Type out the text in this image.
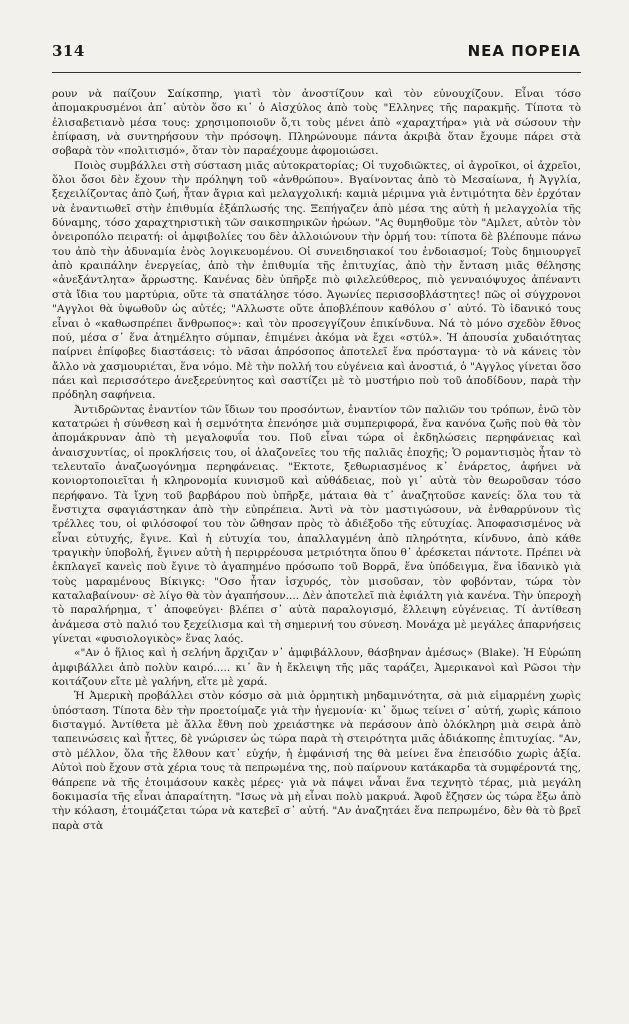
314	ΝΕΑ ΠΟΡΕΙΑ

ρουν νὰ παίζουν Σαίκσπηρ, γιατὶ τὸν ἀνοστίζουν καὶ τὸν εὐνουχίζουν. Εἶναι τόσο ἀπομακρυσμένοι ἀπ᾿ αὐτὸν ὅσο κι᾿ ὁ Αἰσχύλος ἀπὸ τοὺς "Ελληνες τῆς παρακμῆς. Τίποτα τὸ ἐλισαβετιανὸ μέσα τους: χρησιμοποιοῦν ὅ,τι τοὺς μένει ἀπὸ «χαραχτήρα» γιὰ νὰ σώσουν τὴν ἐπίφαση, νὰ συντηρήσουν τὴν πρόσοψη. Πληρώνουμε πάντα ἀκριβὰ ὅταν ἔχουμε πάρει στὰ σοβαρὰ τὸν «πολιτισμό», ὅταν τὸν παραέχουμε ἀφομοιώσει.

Ποιὸς συμβάλλει στὴ σύσταση μιᾶς αὐτοκρατορίας; Οἱ τυχοδιῶκτες, οἱ ἀγροῖκοι, οἱ ἀχρεῖοι, ὅλοι ὅσοι δὲν ἔχουν τὴν πρόληψη τοῦ «ἀνθρώπου». Βγαίνοντας ἀπὸ τὸ Μεσαίωνα, ἡ Ἀγγλία, ξεχειλίζοντας ἀπὸ ζωή, ἦταν ἄγρια καὶ μελαγχολική: καμιὰ μέριμνα γιὰ ἐντιμότητα δὲν ἐρχόταν νὰ ἐναντιωθεῖ στὴν ἐπιθυμία ἐξάπλωσής της. Ξεπήγαζεν ἀπὸ μέσα της αὐτὴ ἡ μελαγχολία τῆς δύναμης, τόσο χαραχτηριστικὴ τῶν σαικσπηρικῶν ἡρώων. "Ας θυμηθοῦμε τὸν "Αμλετ, αὐτὸν τὸν ὀνειροπόλο πειρατή: οἱ ἀμφιβολίες του δὲν ἀλλοιώνουν τὴν ὁρμή του: τίποτα δὲ βλέπουμε πάνω του ἀπὸ τὴν ἀδυναμία ἑνὸς λογικευομένου. Οἱ συνειδησιακοί του ἐνδοιασμοί; Τοὺς δημιουργεῖ ἀπὸ κραιπάλην ἐνεργείας, ἀπὸ τὴν ἐπιθυμία τῆς ἐπιτυχίας, ἀπὸ τὴν ἔνταση μιᾶς θέλησης «ἀνεξάντλητα» ἄρρωστης. Κανένας δὲν ὑπῆρξε πιὸ φιλελεύθερος, πιὸ γενναιόψυχος ἀπέναντι στὰ ἴδια του μαρτύρια, οὔτε τὰ σπατάλησε τόσο. Ἀγωνίες περισσοβλάστητες! πῶς οἱ σύγχρονοι "Αγγλοι θὰ ὑψωθοῦν ὡς αὐτές; "Αλλωστε οὔτε ἀποβλέπουν καθόλου σ᾿ αὐτό. Τὸ ἰδανικό τους εἶναι ὁ «καθωσπρέπει ἄνθρωπος»: καὶ τὸν προσεγγίζουν ἐπικίνδυνα. Νά τὸ μόνο σχεδὸν ἔθνος πού, μέσα σ᾿ ἕνα ἀτημέλητο σύμπαν, ἐπιμένει ἀκόμα νὰ ἔχει «στύλ». Ἡ ἀπουσία χυδαιότητας παίρνει ἐπίφοβες διαστάσεις: τὸ νᾶσαι ἀπρόσοπος ἀποτελεῖ ἕνα πρόσταγμα· τὸ νὰ κάνεις τὸν ἄλλο νὰ χασμουριέται, ἕνα νόμο. Μὲ τὴν πολλή του εὐγένεια καὶ ἀνοστιά, ὁ "Αγγλος γίνεται ὅσο πάει καὶ περισσότερο ἀνεξερεύνητος καὶ σαστίζει μὲ τὸ μυστήριο ποὺ τοῦ ἀποδίδουν, παρὰ τὴν πρόδηλη σαφήνεια.

Ἀντιδρῶντας ἐναντίον τῶν ἴδιων του προσόντων, ἐναντίον τῶν παλιῶν του τρόπων, ἐνῶ τὸν κατατρώει ἡ σύνθεση καὶ ἡ σεμνότητα ἐπενόησε μιὰ συμπεριφορά, ἕνα κανόνα ζωῆς ποὺ θὰ τὸν ἀπομάκρυναν ἀπὸ τὴ μεγαλοφυΐα του. Ποῦ εἶναι τώρα οἱ ἐκδηλώσεις περηφάνειας καὶ ἀναισχυντίας, οἱ προκλήσεις του, οἱ ἀλαζονεῖες του τῆς παλιᾶς ἐποχῆς; Ὁ ρομαντισμὸς ἦταν τὸ τελευταῖο ἀναζωογόνημα περηφάνειας. "Εκτοτε, ξεθωριασμένος κ᾿ ἐνάρετος, ἀφήνει νὰ κονιορτοποιεῖται ἡ κληρονομία κυνισμοῦ καὶ αὐθάδειας, ποὺ γι᾿ αὐτὰ τὸν θεωροῦσαν τόσο περήφανο. Τὰ ἴχνη τοῦ βαρβάρου ποὺ ὑπῆρξε, μάταια θὰ τ᾿ ἀναζητοῦσε κανείς: ὅλα του τὰ ἔνστιχτα σφαγιάστηκαν ἀπὸ τὴν εὐπρέπεια. Ἀντὶ νὰ τὸν μαστιγώσουν, νὰ ἐνθαρρύνουν τὶς τρέλλες του, οἱ φιλόσοφοί του τὸν ὤθησαν πρὸς τὸ ἀδιέξοδο τῆς εὐτυχίας. Ἀποφασισμένος νὰ εἶναι εὐτυχής, ἔγινε. Καὶ ἡ εὐτυχία του, ἀπαλλαγμένη ἀπὸ πληρότητα, κίνδυνο, ἀπὸ κάθε τραγικὴν ὑποβολή, ἔγινεν αὐτὴ ἡ περιρρέουσα μετριότητα ὅπου θ᾿ ἀρέσκεται πάντοτε. Πρέπει νὰ ἐκπλαγεῖ κανεὶς ποὺ ἔγινε τὸ ἀγαπημένο πρόσωπο τοῦ Βορρᾶ, ἕνα ὑπόδειγμα, ἕνα ἰδανικὸ γιὰ τοὺς μαραμένους Βίκιγκς: "Οσο ἦταν ἰσχυρός, τὸν μισοῦσαν, τὸν φοβόνταν, τώρα τὸν καταλαβαίνουν· σὲ λίγο θὰ τὸν ἀγαπήσουν.... Δὲν ἀποτελεῖ πιὰ ἐφιάλτη γιὰ κανένα. Τὴν ὑπεροχὴ τὸ παραλήρημα, τ᾿ ἀποφεύγει· βλέπει σ᾿ αὐτὰ παραλογισμό, ἔλλειψη εὐγένειας. Τί ἀντίθεση ἀνάμεσα στὸ παλιό του ξεχείλισμα καὶ τὴ σημερινή του σύνεση. Μονάχα μὲ μεγάλες ἀπαρνήσεις γίνεται «φυσιολογικὸς» ἕνας λαός.

«"Αν ὁ ἥλιος καὶ ἡ σελήνη ἄρχιζαν ν᾿ ἀμφιβάλλουν, θάσβηναν ἀμέσως» (Blake). Ἡ Εὐρώπη ἀμφιβάλλει ἀπὸ πολὺν καιρό..... κι᾿ ἂν ἡ ἔκλειψη τῆς μᾶς ταράζει, Ἀμερικανοὶ καὶ Ρῶσοι τὴν κοιτάζουν εἴτε μὲ γαλήνη, εἴτε μὲ χαρά.

Ἡ Ἀμερικὴ προβάλλει στὸν κόσμο σὰ μιὰ ὁρμητικὴ μηδαμινότητα, σὰ μιὰ εἱμαρμένη χωρὶς ὑπόσταση. Τίποτα δὲν τὴν προετοίμαζε γιὰ τὴν ἡγεμονία· κι᾿ ὅμως τείνει σ᾿ αὐτή, χωρὶς κάποιο δισταγμό. Ἀντίθετα μὲ ἄλλα ἔθνη ποὺ χρειάστηκε νὰ περάσουν ἀπὸ ὁλόκληρη μιὰ σειρὰ ἀπὸ ταπεινώσεις καὶ ἧττες, δὲ γνώρισεν ὡς τώρα παρὰ τὴ στειρότητα μιᾶς ἀδιάκοπης ἐπιτυχίας. "Αν, στὸ μέλλον, ὅλα τῆς ἔλθουν κατ᾿ εὐχήν, ἡ ἐμφάνισή της θὰ μείνει ἕνα ἐπεισόδιο χωρὶς ἀξία. Αὐτοὶ ποὺ ἔχουν στὰ χέρια τους τὰ πεπρωμένα της, ποὺ παίρνουν κατάκαρδα τὰ συμφέροντά της, θάπρεπε νὰ τῆς ἑτοιμάσουν κακὲς μέρες· γιὰ νὰ πάψει νἆναι ἕνα τεχνητὸ τέρας, μιὰ μεγάλη δοκιμασία τῆς εἶναι ἀπαραίτητη. "Ισως νὰ μὴ εἶναι πολὺ μακρυά. Ἀφοῦ ἔζησεν ὡς τώρα ἔξω ἀπὸ τὴν κόλαση, ἑτοιμάζεται τώρα νὰ κατεβεῖ σ᾿ αὐτή. "Αν ἀναζητάει ἕνα πεπρωμένο, δὲν θὰ τὸ βρεῖ παρὰ στὰ
